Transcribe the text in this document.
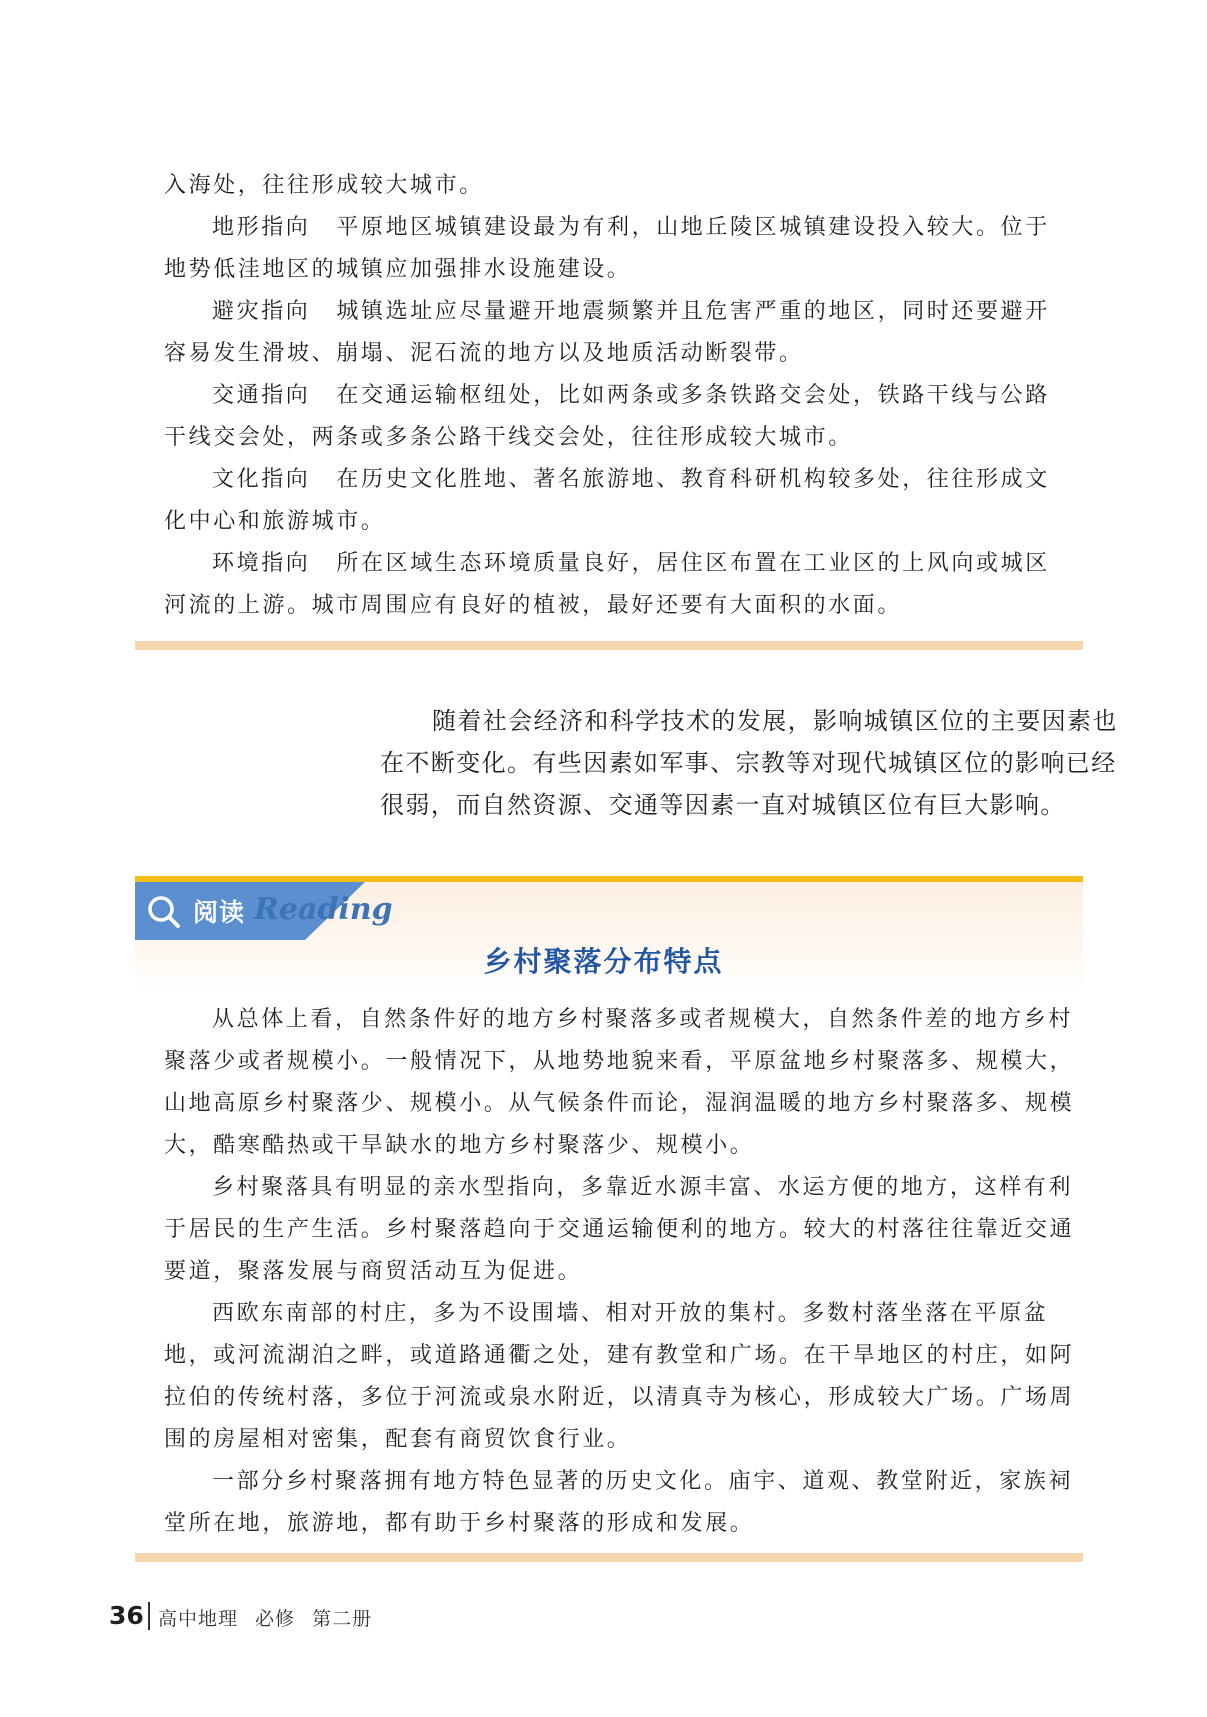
入海处，往往形成较大城市。
地形指向 平原地区城镇建设最为有利，山地丘陵区城镇建设投入较大。位于
地势低洼地区的城镇应加强排水设施建设。
避灾指向 城镇选址应尽量避开地震频繁并且危害严重的地区，同时还要避开
容易发生滑坡、崩塌、泥石流的地方以及地质活动断裂带。
交通指向 在交通运输枢纽处，比如两条或多条铁路交会处，铁路干线与公路
干线交会处，两条或多条公路干线交会处，往往形成较大城市。
文化指向 在历史文化胜地、著名旅游地、教育科研机构较多处，往往形成文
化中心和旅游城市。
环境指向 所在区域生态环境质量良好，居住区布置在工业区的上风向或城区
河流的上游。城市周围应有良好的植被，最好还要有大面积的水面。
随着社会经济和科学技术的发展，影响城镇区位的主要因素也
在不断变化。有些因素如军事、宗教等对现代城镇区位的影响已经
很弱，而自然资源、交通等因素一直对城镇区位有巨大影响。
阅读 Reading
乡村聚落分布特点
从总体上看，自然条件好的地方乡村聚落多或者规模大，自然条件差的地方乡村
聚落少或者规模小。一般情况下，从地势地貌来看，平原盆地乡村聚落多、规模大，
山地高原乡村聚落少、规模小。从气候条件而论，湿润温暖的地方乡村聚落多、规模
大，酷寒酷热或干旱缺水的地方乡村聚落少、规模小。
乡村聚落具有明显的亲水型指向，多靠近水源丰富、水运方便的地方，这样有利
于居民的生产生活。乡村聚落趋向于交通运输便利的地方。较大的村落往往靠近交通
要道，聚落发展与商贸活动互为促进。
西欧东南部的村庄，多为不设围墙、相对开放的集村。多数村落坐落在平原盆
地，或河流湖泊之畔，或道路通衢之处，建有教堂和广场。在干旱地区的村庄，如阿
拉伯的传统村落，多位于河流或泉水附近，以清真寺为核心，形成较大广场。广场周
围的房屋相对密集，配套有商贸饮食行业。
一部分乡村聚落拥有地方特色显著的历史文化。庙宇、道观、教堂附近，家族祠
堂所在地，旅游地，都有助于乡村聚落的形成和发展。
36 高中地理 必修 第二册
